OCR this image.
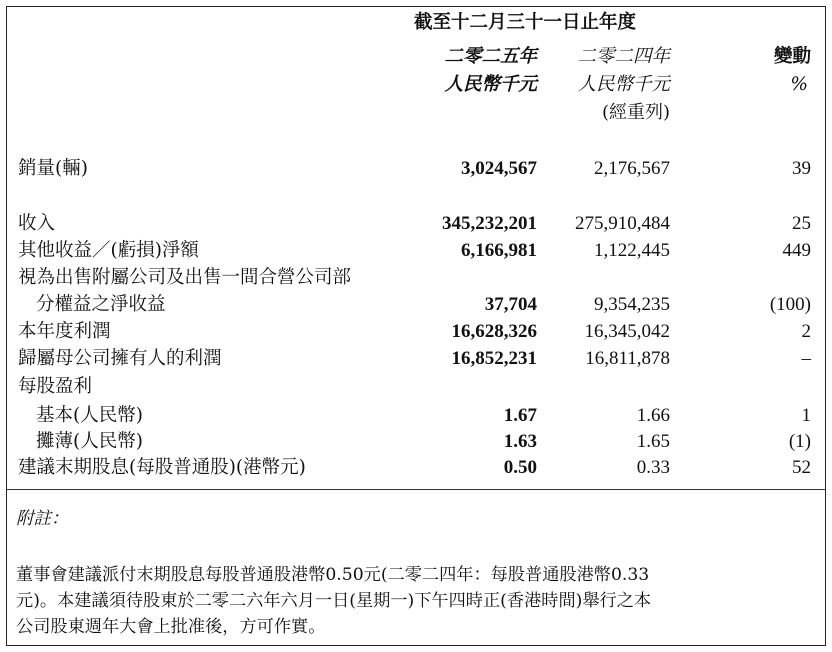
截至十二月三十一日止年度
二零二五年 二零二四年	變動
人民幣千元 人民幣千元	%
(經重列)
銷量(輛)	3,024,567	2,176,567	39
收入	345,232,201 275,910,484	25
其他收益／(虧損)淨額	6,166,981	1,122,445	449
視為出售附屬公司及出售一間合營公司部
分權益之淨收益	37,704	9,354,235	(100)
本年度利潤	16,628,326	16,345,042	2
歸屬母公司擁有人的利潤	16,852,231	16,811,878	–
每股盈利
基本(人民幣)	1.67	1.66	1
攤薄(人民幣)	1.63	1.65	(1)
建議末期股息(每股普通股)(港幣元)	0.50	0.33	52
附註：
董事會建議派付末期股息每股普通股港幣0.50元(二零二四年：每股普通股港幣0.33
元)。本建議須待股東於二零二六年六月一日(星期一)下午四時正(香港時間)舉行之本
公司股東週年大會上批准後，方可作實。
